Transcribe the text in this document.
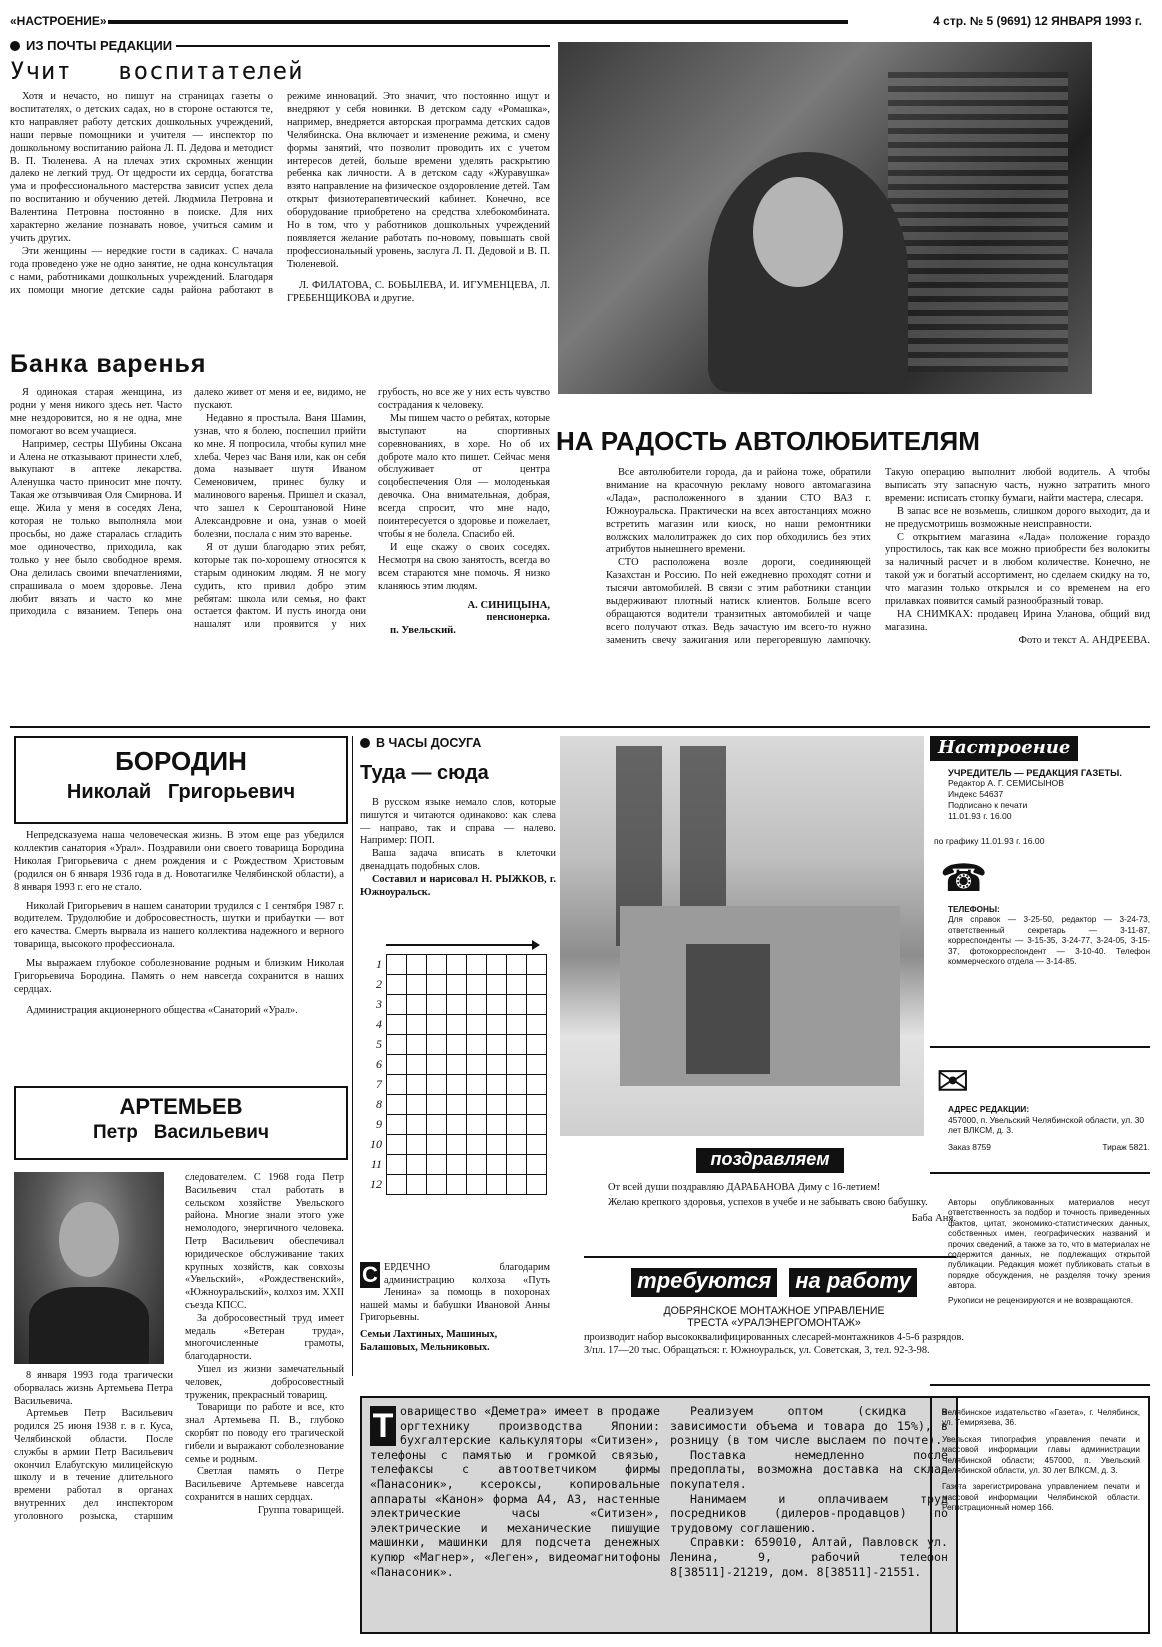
«НАСТРОЕНИЕ»	4 стр. № 5 (9691) 12 ЯНВАРЯ 1993 г.
ИЗ ПОЧТЫ РЕДАКЦИИ
Учит   воспитателей

Хотя и нечасто, но пишут на страницах газеты о воспитателях, о детских садах, но в стороне остаются те, кто направляет работу детских дошкольных учреждений, наши первые помощники и учителя — инспектор по дошкольному воспитанию района Л. П. Дедова и методист В. П. Тюленева. А на плечах этих скромных женщин далеко не легкий труд. От щедрости их сердца, богатства ума и профессионального мастерства зависит успех дела по воспитанию и обучению детей. Людмила Петровна и Валентина Петровна постоянно в поиске. Для них характерно желание познавать новое, учиться самим и учить других.

Эти женщины — нередкие гости в садиках. С начала года проведено уже не одно занятие, не одна консультация с нами, работниками дошкольных учреждений. Благодаря их помощи многие детские сады района работают в режиме инноваций. Это значит, что постоянно ищут и внедряют у себя новинки. В детском саду «Ромашка», например, внедряется авторская программа детских садов Челябинска. Она включает и изменение режима, и смену формы занятий, что позволит проводить их с учетом интересов детей, больше времени уделять раскрытию ребенка как личности. А в детском саду «Журавушка» взято направление на физическое оздоровление детей. Там открыт физиотерапевтический кабинет. Конечно, все оборудование приобретено на средства хлебокомбината. Но в том, что у работников дошкольных учреждений появляется желание работать по-новому, повышать свой профессиональный уровень, заслуга Л. П. Дедовой и В. П. Тюленевой.

Л. ФИЛАТОВА, С. БОБЫЛЕВА, И. ИГУМЕНЦЕВА, Л. ГРЕБЕНЩИКОВА и другие.

Банка варенья

Я одинокая старая женщина, из родни у меня никого здесь нет. Часто мне нездоровится, но я не одна, мне помогают во всем учащиеся.

Например, сестры Шубины Оксана и Алена не отказывают принести хлеб, выкупают в аптеке лекарства. Аленушка часто приносит мне почту. Такая же отзывчивая Оля Смирнова. И еще. Жила у меня в соседях Лена, которая не только выполняла мои просьбы, но даже старалась сгладить мое одиночество, приходила, как только у нее было свободное время. Она делилась своими впечатлениями, спрашивала о моем здоровье. Лена любит вязать и часто ко мне приходила с вязанием. Теперь она далеко живет от меня и ее, видимо, не пускают.

Недавно я простыла. Ваня Шамин, узнав, что я болею, поспешил прийти ко мне. Я попросила, чтобы купил мне хлеба. Через час Ваня или, как он себя дома называет шутя Иваном Семеновичем, принес булку и малинового варенья. Пришел и сказал, что зашел к Сероштановой Нине Александровне и она, узнав о моей болезни, послала с ним это варенье.

Я от души благодарю этих ребят, которые так по-хорошему относятся к старым одиноким людям. Я не могу судить, кто привил добро этим ребятам: школа или семья, но факт остается фактом. И пусть иногда они нашалят или проявится у них грубость, но все же у них есть чувство сострадания к человеку.

Мы пишем часто о ребятах, которые выступают на спортивных соревнованиях, в хоре. Но об их доброте мало кто пишет. Сейчас меня обслуживает от центра соцобеспечения Оля — молоденькая девочка. Она внимательная, добрая, всегда спросит, что мне надо, поинтересуется о здоровье и пожелает, чтобы я не болела. Спасибо ей.

И еще скажу о своих соседях. Несмотря на свою занятость, всегда во всем стараются мне помочь. Я низко кланяюсь этим людям.

А. СИНИЦЫНА,

пенсионерка.

п. Увельский.

НА РАДОСТЬ АВТОЛЮБИТЕЛЯМ

Все автолюбители города, да и района тоже, обратили внимание на красочную рекламу нового автомагазина «Лада», расположенного в здании СТО ВАЗ г. Южноуральска. Практически на всех автостанциях можно встретить магазин или киоск, но наши ремонтники волжских малолитражек до сих пор обходились без этих атрибутов нынешнего времени.

СТО расположена возле дороги, соединяющей Казахстан и Россию. По ней ежедневно проходят сотни и тысячи автомобилей. В связи с этим работники станции выдерживают плотный натиск клиентов. Больше всего обращаются водители транзитных автомобилей и чаще всего получают отказ. Ведь зачастую им всего-то нужно заменить свечу зажигания или перегоревшую лампочку. Такую операцию выполнит любой водитель. А чтобы выписать эту запасную часть, нужно затратить много времени: исписать стопку бумаги, найти мастера, слесаря.

В запас все не возьмешь, слишком дорого выходит, да и не предусмотришь возможные неисправности.

С открытием магазина «Лада» положение гораздо упростилось, так как все можно приобрести без волокиты за наличный расчет и в любом количестве. Конечно, не такой уж и богатый ассортимент, но сделаем скидку на то, что магазин только открылся и со временем на его прилавках появится самый разнообразный товар.

НА СНИМКАХ: продавец Ирина Уланова, общий вид магазина.

Фото и текст А. АНДРЕЕВА.

БОРОДИН
Николай   Григорьевич

Непредсказуема наша человеческая жизнь. В этом еще раз убедился коллектив санатория «Урал». Поздравили они своего товарища Бородина Николая Григорьевича с днем рождения и с Рождеством Христовым (родился он 6 января 1936 года в д. Новотагилке Челябинской области), а 8 января 1993 г. его не стало.

Николай Григорьевич в нашем санатории трудился с 1 сентября 1987 г. водителем. Трудолюбие и добросовестность, шутки и прибаутки — вот его качества. Смерть вырвала из нашего коллектива надежного и верного товарища, высокого профессионала.

Мы выражаем глубокое соболезнование родным и близким Николая Григорьевича Бородина. Память о нем навсегда сохранится в наших сердцах.

Администрация акционерного общества «Санаторий «Урал».

АРТЕМЬЕВ
Петр   Васильевич

8 января 1993 года трагически оборвалась жизнь Артемьева Петра Васильевича.

Артемьев Петр Васильевич родился 25 июня 1938 г. в г. Куса, Челябинской области. После службы в армии Петр Васильевич окончил Елабугскую милицейскую школу и в течение длительного времени работал в органах внутренних дел инспектором уголовного розыска, старшим следователем. С 1968 года Петр Васильевич стал работать в сельском хозяйстве Увельского района. Многие знали этого уже немолодого, энергичного человека. Петр Васильевич обеспечивал юридическое обслуживание таких крупных хозяйств, как совхозы «Увельский», «Рождественский», «Южноуральский», колхоз им. XXII съезда КПСС.

За добросовестный труд имеет медаль «Ветеран труда», многочисленные грамоты, благодарности.

Ушел из жизни замечательный человек, добросовестный труженик, прекрасный товарищ.

Товарищи по работе и все, кто знал Артемьева П. В., глубоко скорбят по поводу его трагической гибели и выражают соболезнование семье и родным.

Светлая память о Петре Васильевиче Артемьеве навсегда сохранится в наших сердцах.

Группа товарищей.

В ЧАСЫ ДОСУГА
Туда — сюда

В русском языке немало слов, которые пишутся и читаются одинаково: как слева — направо, так и справа — налево. Например: ПОП.

Ваша задача вписать в клеточки двенадцать подобных слов.

Составил и нарисовал Н. РЫЖКОВ, г. Южноуральск.

1
2
3
4
5
6
7
8
9
10
11
12
С ЕРДЕЧНО благодарим администрацию колхоза «Путь Ленина» за помощь в похоронах нашей мамы и бабушки Ивановой Анны Григорьевны.

Семьи Лахтиных, Машиных, Балашовых, Мельниковых.

поздравляем

От всей души поздравляю ДАРАБАНОВА Диму с 16-летием!

Желаю крепкого здоровья, успехов в учебе и не забывать свою бабушку.

Баба Аня.

требуются на работу
ДОБРЯНСКОЕ МОНТАЖНОЕ УПРАВЛЕНИЕ
ТРЕСТА «УРАЛЭНЕРГОМОНТАЖ»

производит набор высококвалифицированных слесарей-монтажников 4-5-6 разрядов. З/пл. 17—20 тыс. Обращаться: г. Южноуральск, ул. Советская, 3, тел. 92-3-98.

Т оварищество «Деметра» имеет в продаже оргтехнику производства Японии: бухгалтерские калькуляторы «Ситизен», телефоны с памятью и громкой связью, телефаксы с автоответчиком фирмы «Панасоник», ксероксы, копировальные аппараты «Канон» форма А4, А3, настенные электрические часы «Ситизен», электрические и механические пишущие машинки, машинки для подсчета денежных купюр «Магнер», «Леген», видеомагнитофоны «Панасоник».

Реализуем оптом (скидка в зависимости объема и товара до 15%), в розницу (в том числе выслаем по почте).

Поставка немедленно после предоплаты, возможна доставка на склад покупателя.

Нанимаем и оплачиваем труд посредников (дилеров-продавцов) по трудовому соглашению.

Справки: 659010, Алтай, Павловск ул. Ленина, 9, рабочий телефон 8[38511]-21219, дом. 8[38511]-21551.

Настроение
УЧРЕДИТЕЛЬ — РЕДАКЦИЯ ГАЗЕТЫ.
Редактор А. Г. СЕМИСЫНОВ
Индекс 54637
Подписано к печати
11.01.93 г. 16.00
по графику 11.01.93 г. 16.00
☎
ТЕЛЕФОНЫ:
Для справок — 3-25-50, редактор — 3-24-73, ответственный секретарь — 3-11-87, корреспонденты — 3-15-35, 3-24-77, 3-24-05, 3-15-37, фотокорреспондент — 3-10-40. Телефон коммерческого отдела — 3-14-85.
✉
АДРЕС РЕДАКЦИИ:
457000, п. Увельский Челябинской области, ул. 30 лет ВЛКСМ, д. 3.
Заказ 8759	Тираж 5821.
Авторы опубликованных материалов несут ответственность за подбор и точность приведенных фактов, цитат, экономико-статистических данных, собственных имен, географических названий и прочих сведений, а также за то, что в материалах не содержится данных, не подлежащих открытой публикации. Редакция может публиковать статьи в порядке обсуждения, не разделяя точку зрения автора.
Рукописи не рецензируются и не возвращаются.
Челябинское издательство «Газета», г. Челябинск, ул. Темирязева, 36.
Увельская типография управления печати и массовой информации главы администрации Челябинской области; 457000, п. Увельский Челябинской области, ул. 30 лет ВЛКСМ, д. 3.
Газета зарегистрирована управлением печати и массовой информации Челябинской области. Регистрационный номер 166.
